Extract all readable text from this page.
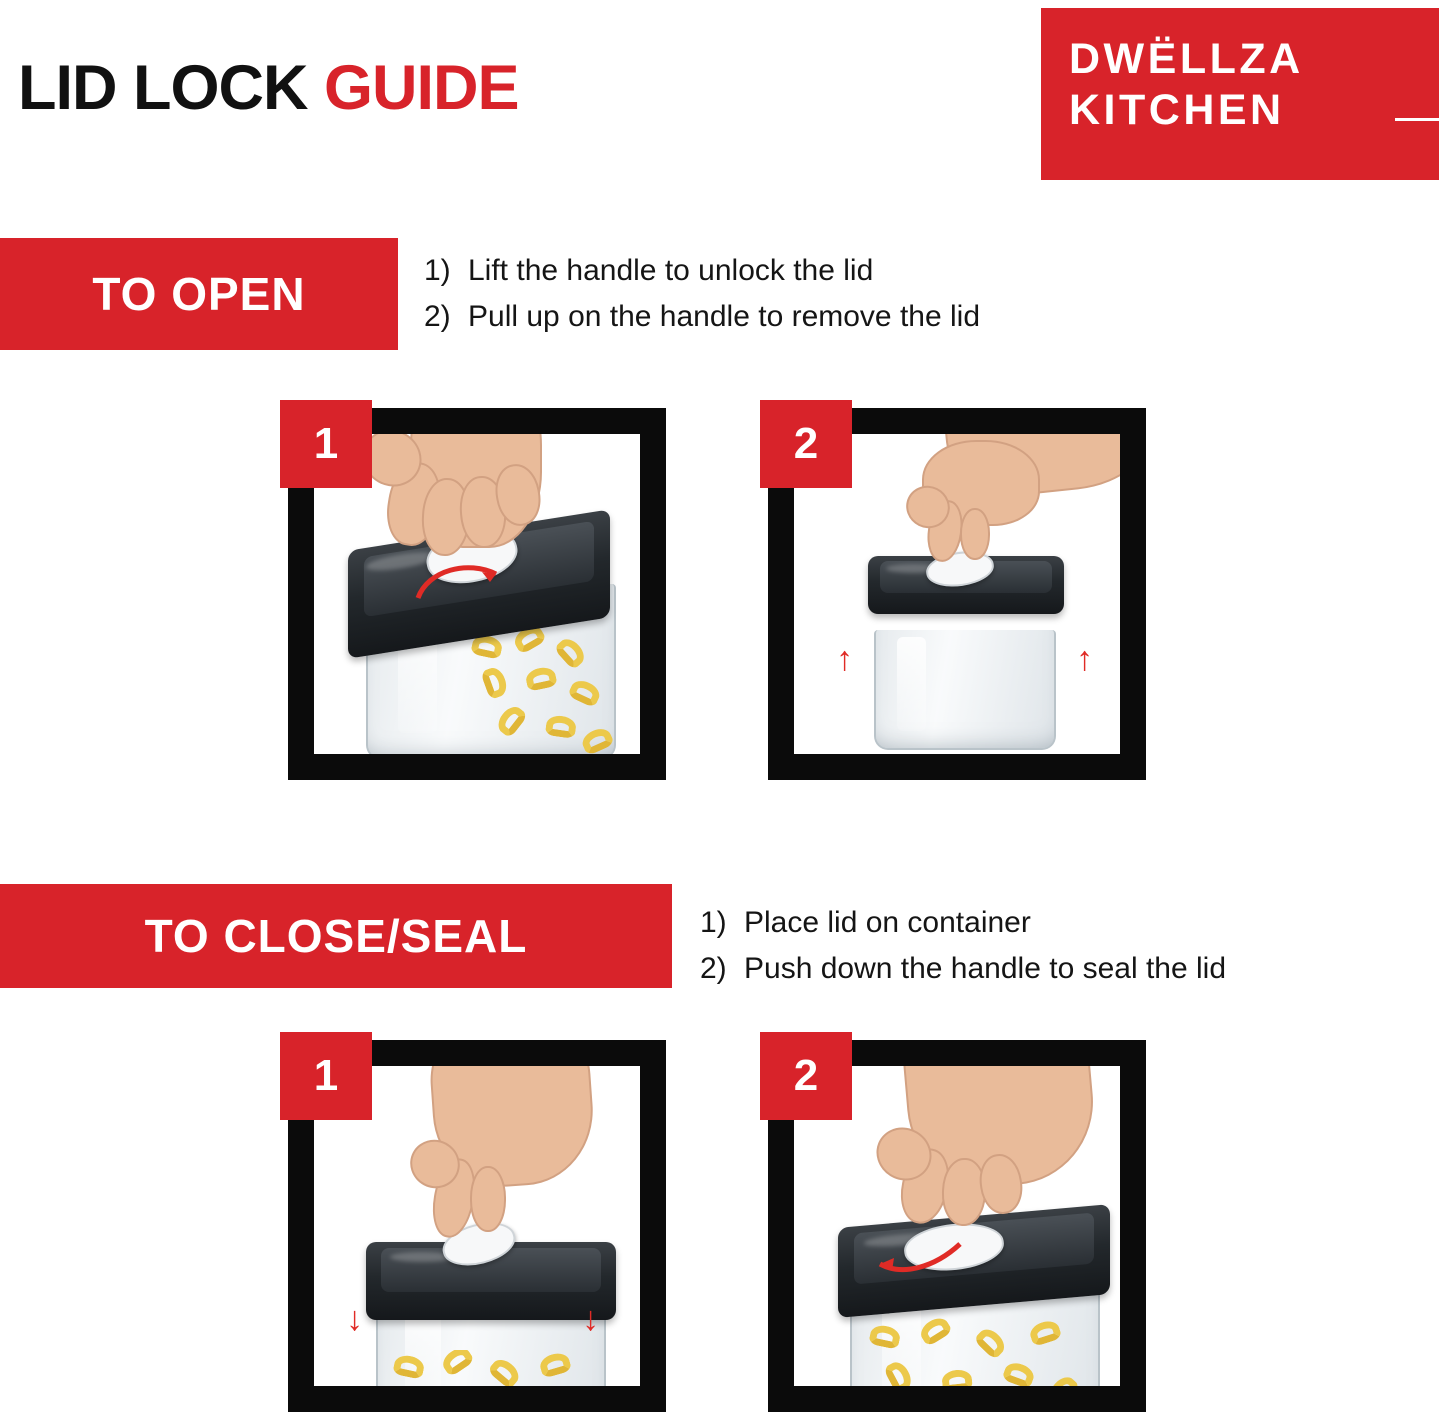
LID LOCK GUIDE	DWËLLZA
KITCHEN
TO OPEN	1) Lift the handle to unlock the lid
2) Pull up on the handle to remove the lid
1
↑	↑
2
TO CLOSE/SEAL	1) Place lid on container
2) Push down the handle to seal the lid
↓	↓
1	2
